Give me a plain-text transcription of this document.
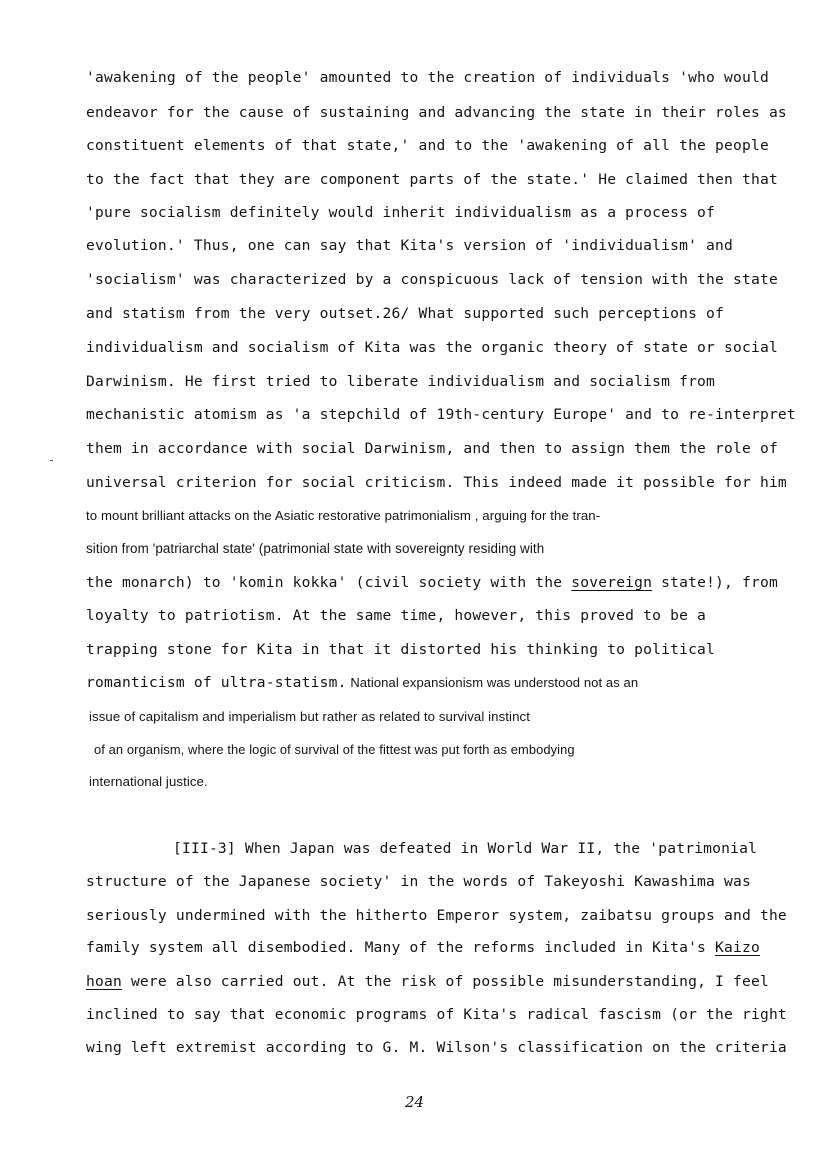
'awakening of the people' amounted to the creation of individuals 'who would
endeavor for the cause of sustaining and advancing the state in their roles as
constituent elements of that state,' and to the 'awakening of all the people
to the fact that they are component parts of the state.' He claimed then that
'pure socialism definitely would inherit individualism as a process of
evolution.' Thus, one can say that Kita's version of 'individualism' and
'socialism' was characterized by a conspicuous lack of tension with the state
and statism from the very outset.26/ What supported such perceptions of
individualism and socialism of Kita was the organic theory of state or social
Darwinism. He first tried to liberate individualism and socialism from
mechanistic atomism as 'a stepchild of 19th-century Europe' and to re-interpret
them in accordance with social Darwinism, and then to assign them the role of
universal criterion for social criticism. This indeed made it possible for him
to mount brilliant attacks on the Asiatic restorative patrimonialism , arguing for the tran-
sition from 'patriarchal state' (patrimonial state with sovereignty residing with
the monarch) to 'komin kokka' (civil society with the sovereign state!), from
loyalty to patriotism. At the same time, however, this proved to be a
trapping stone for Kita in that it distorted his thinking to political
romanticism of ultra-statism. National expansionism was understood not as an
issue of capitalism and imperialism but rather as related to survival instinct
of an organism, where the logic of survival of the fittest was put forth as embodying
international justice.
[III-3] When Japan was defeated in World War II, the 'patrimonial
structure of the Japanese society' in the words of Takeyoshi Kawashima was
seriously undermined with the hitherto Emperor system, zaibatsu groups and the
family system all disembodied. Many of the reforms included in Kita's Kaizo
hoan were also carried out. At the risk of possible misunderstanding, I feel
inclined to say that economic programs of Kita's radical fascism (or the right
wing left extremist according to G. M. Wilson's classification on the criteria
24
